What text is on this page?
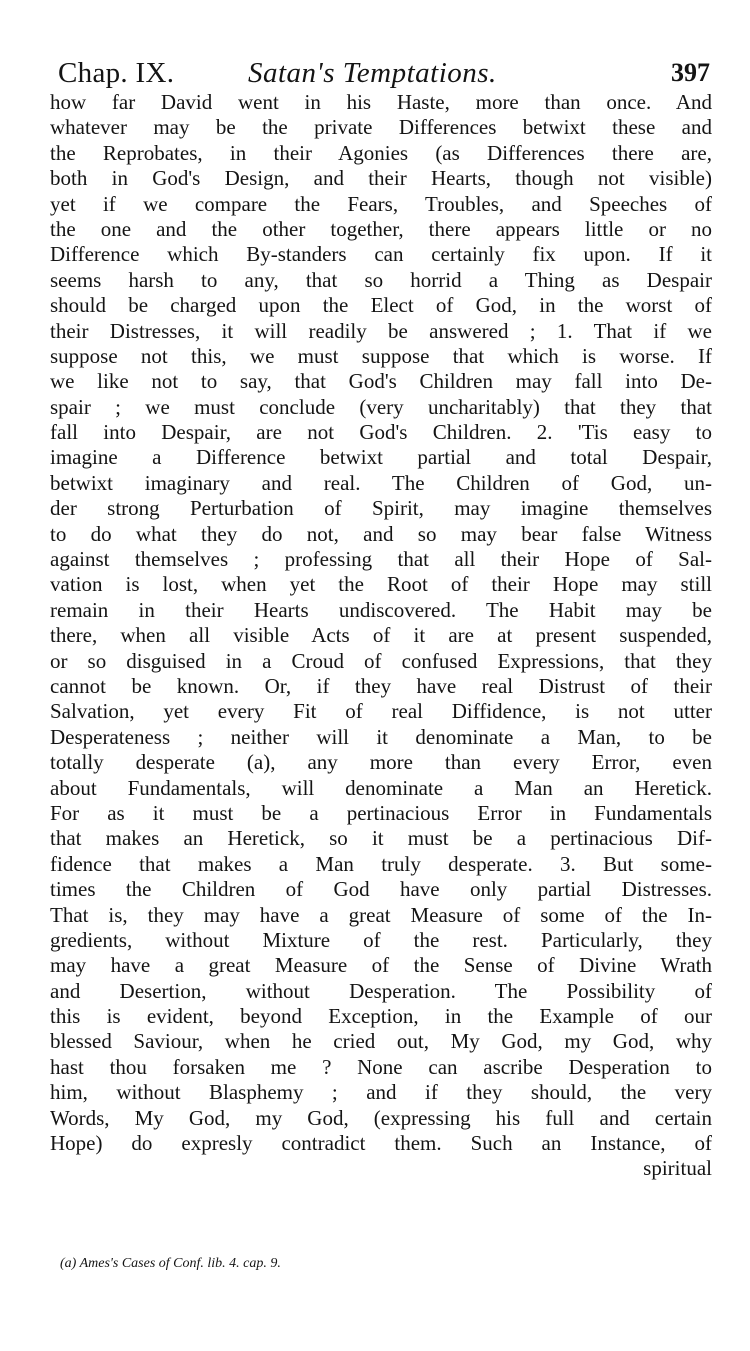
Chap. IX.	Satan's Temptations.	397
how far David went in his Haste, more than once. And
whatever may be the private Differences betwixt these and
the Reprobates, in their Agonies (as Differences there are,
both in God's Design, and their Hearts, though not visible)
yet if we compare the Fears, Troubles, and Speeches of
the one and the other together, there appears little or no
Difference which By-standers can certainly fix upon. If it
seems harsh to any, that so horrid a Thing as Despair
should be charged upon the Elect of God, in the worst of
their Distresses, it will readily be answered ; 1. That if we
suppose not this, we must suppose that which is worse. If
we like not to say, that God's Children may fall into De-
spair ; we must conclude (very uncharitably) that they that
fall into Despair, are not God's Children. 2. 'Tis easy to
imagine a Difference betwixt partial and total Despair,
betwixt imaginary and real. The Children of God, un-
der strong Perturbation of Spirit, may imagine themselves
to do what they do not, and so may bear false Witness
against themselves ; professing that all their Hope of Sal-
vation is lost, when yet the Root of their Hope may still
remain in their Hearts undiscovered. The Habit may be
there, when all visible Acts of it are at present suspended,
or so disguised in a Croud of confused Expressions, that they
cannot be known. Or, if they have real Distrust of their
Salvation, yet every Fit of real Diffidence, is not utter
Desperateness ; neither will it denominate a Man, to be
totally desperate (a), any more than every Error, even
about Fundamentals, will denominate a Man an Heretick.
For as it must be a pertinacious Error in Fundamentals
that makes an Heretick, so it must be a pertinacious Dif-
fidence that makes a Man truly desperate. 3. But some-
times the Children of God have only partial Distresses.
That is, they may have a great Measure of some of the In-
gredients, without Mixture of the rest. Particularly, they
may have a great Measure of the Sense of Divine Wrath
and Desertion, without Desperation. The Possibility of
this is evident, beyond Exception, in the Example of our
blessed Saviour, when he cried out, My God, my God, why
hast thou forsaken me ? None can ascribe Desperation to
him, without Blasphemy ; and if they should, the very
Words, My God, my God, (expressing his full and certain
Hope) do expresly contradict them. Such an Instance, of
spiritual
(a) Ames's Cases of Conf. lib. 4. cap. 9.
